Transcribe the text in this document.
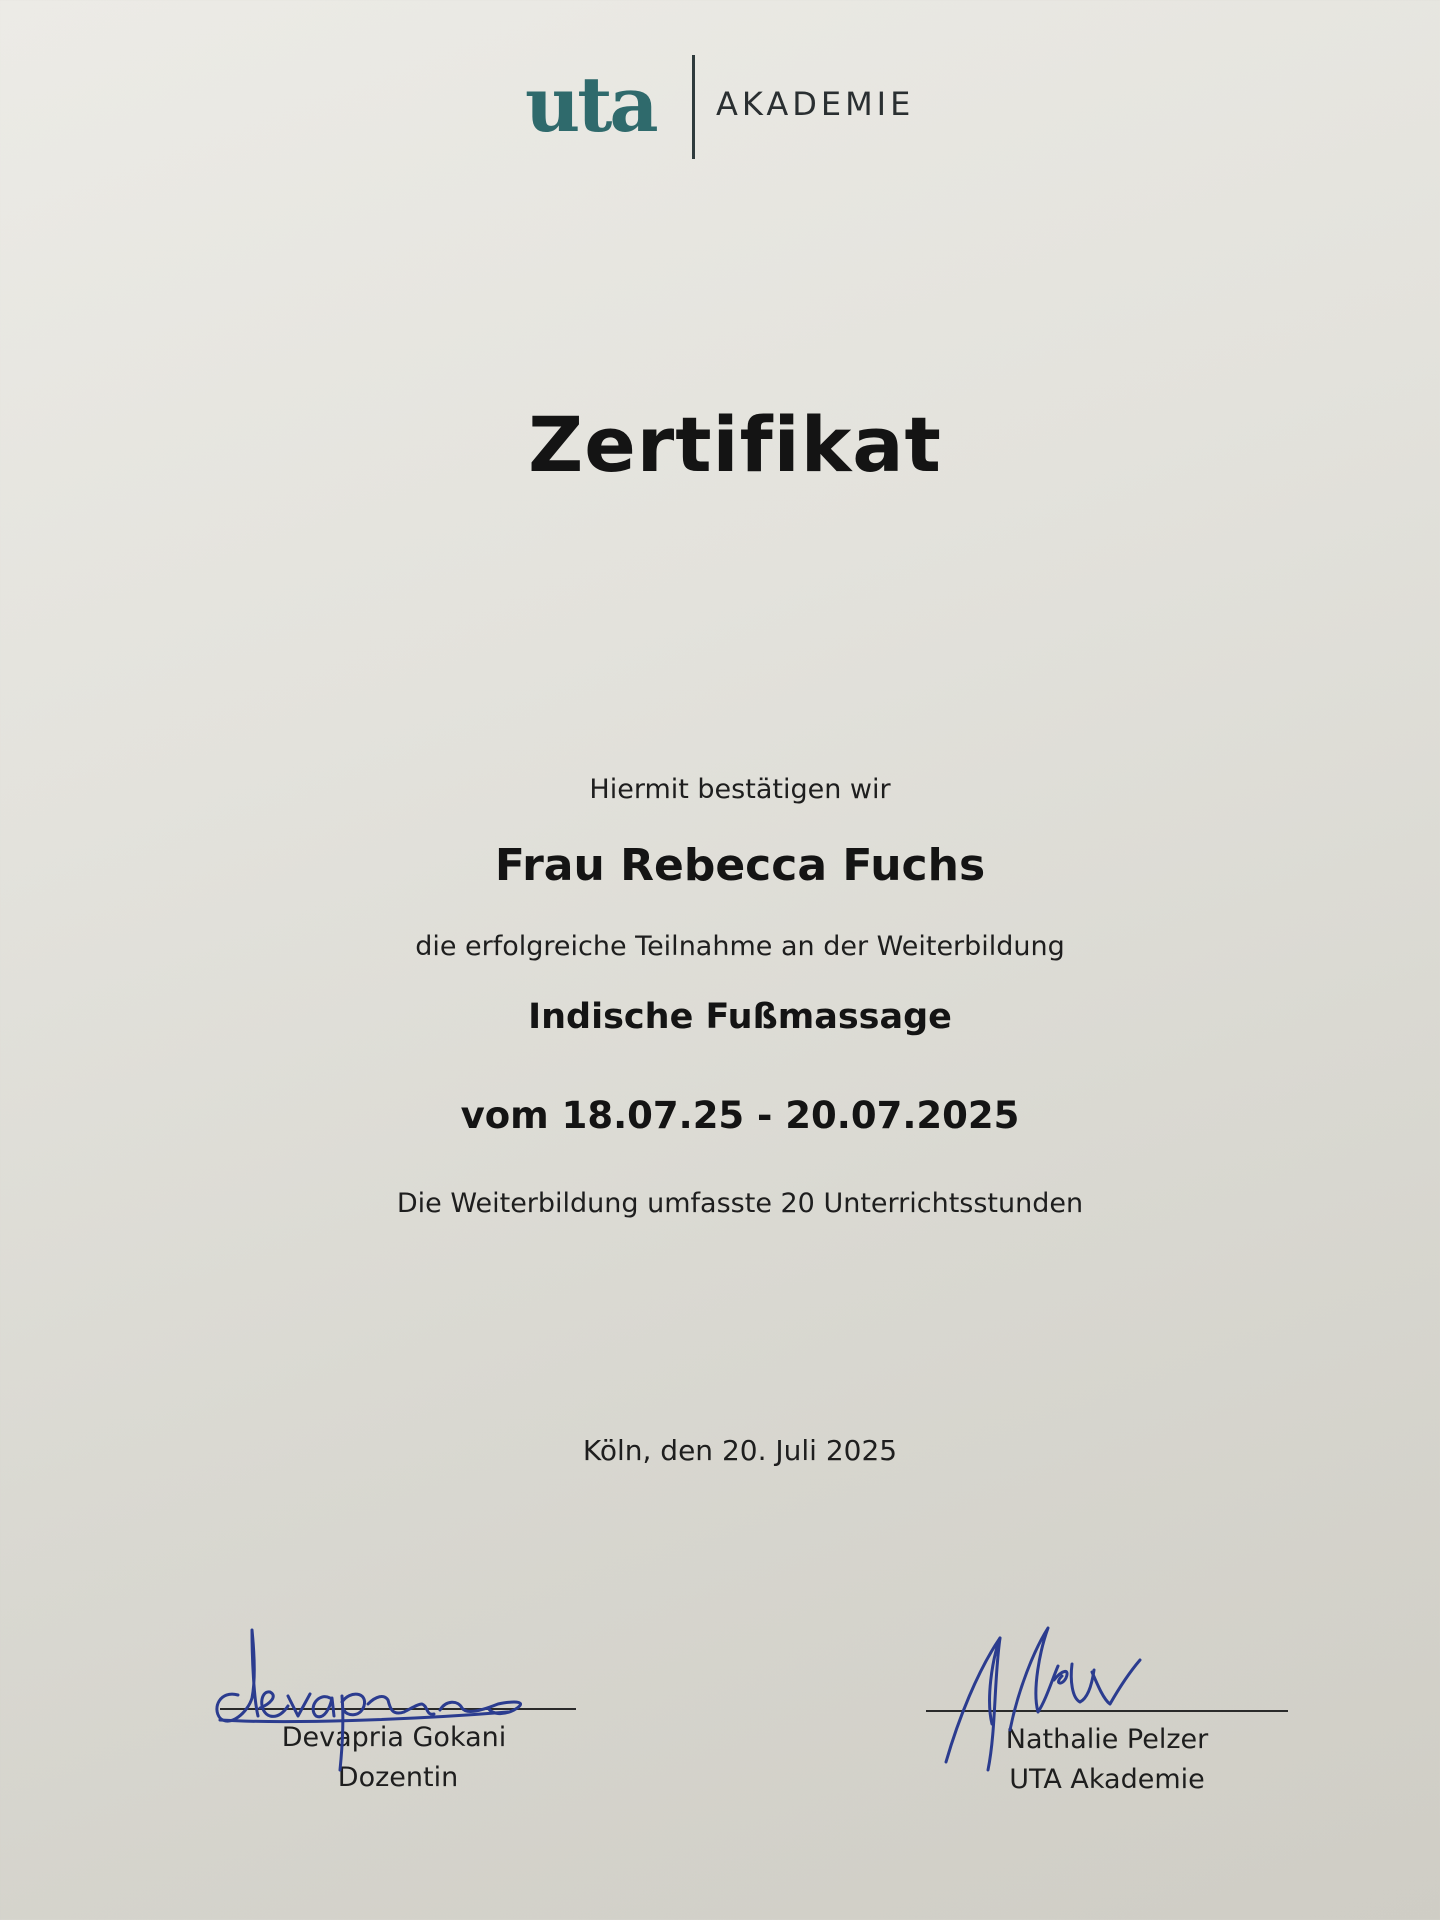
uta AKADEMIE
Zertifikat
Hiermit bestätigen wir
Frau Rebecca Fuchs
die erfolgreiche Teilnahme an der Weiterbildung
Indische Fußmassage
vom 18.07.25 - 20.07.2025
Die Weiterbildung umfasste 20 Unterrichtsstunden
Köln, den 20. Juli 2025
Devapria Gokani
Dozentin
Nathalie Pelzer
UTA Akademie
